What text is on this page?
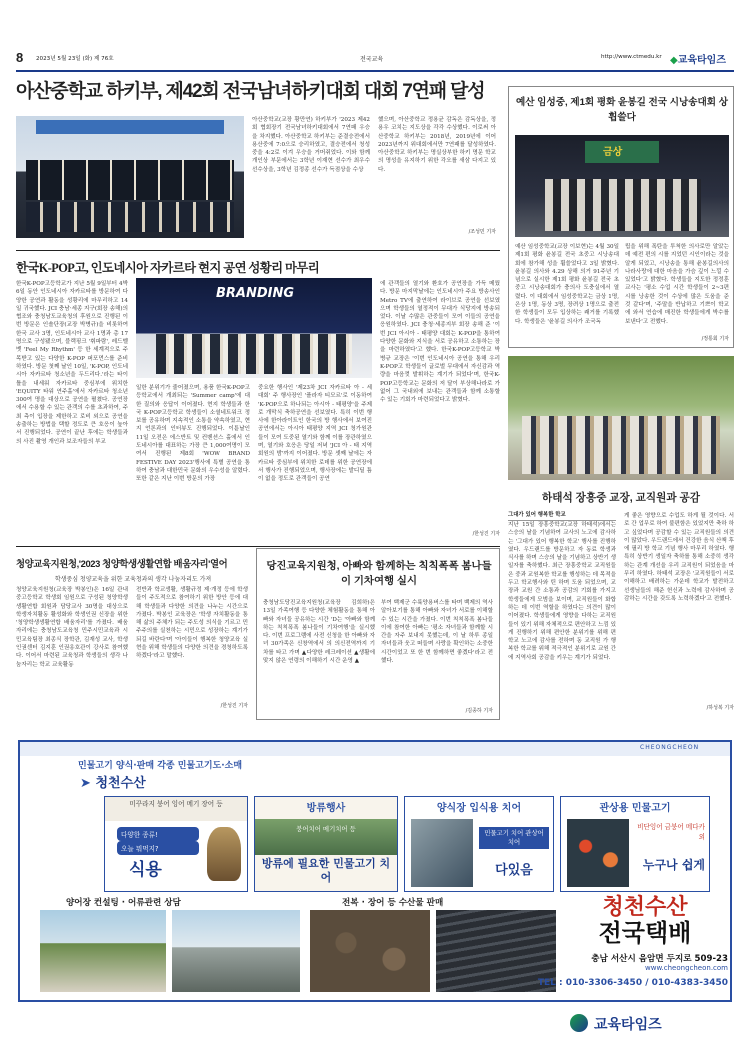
8 2023년 5월 23일 (화) 제 76호	전국교육	http://www.ctmedu.kr ◆교육타임즈
아산중학교 하키부, 제42회 전국남녀하키대회 대회 7연패 달성
아산중학교(교장 황만연) 하키부가 '2023 제42회 협회장기 전국남녀하키대회에서 7연패 우승을 차지했다. 아산중학교 하키부는 준결승전에서 용산중에 7:0으로 승리하였고, 결승전에서 청성중을 4:2로 이겨 우승을 거머쥐었다. 이와 함께 개인상 부문에서는 3학년 이재현 선수가 최우수 선수상을, 3학년 김정종 선수가 득점상을 수상
했으며, 아산중학교 정용균 감독은 감독상을, 정용우 코치는 지도상을 각각 수상했다. 이로써 아산중학교 하키부는 2018년, 2019년에 이어 2023년까지 위대회에서만 7연패를 달성하였다. 아산중학교 하키부는 명실상부한 하키 명문 학교의 명성을 유지하기 위한 각오를 새삼 다지고 있다.
/조성민 기자
예산 임성중, 제1회 평화 윤봉길 전국 시낭송대회 상 휩쓸다
금상
예산 임성중학교(교장 이보현)는 4월 30일 제1회 평화 윤봉길 전국 초중고 시낭송대회에 참가해 성을 휩쓸었다고 3일 밝혔다. 윤봉길 의사와 4.29 상해 의거 91주년 기념으로 실시한 제1회 평화 윤봉길 전국 초중고 시낭송대회가 충의사 도충실에서 열렸다. 이 대회에서 임성중학교는 금상 1명, 은상 1명, 동상 3명, 장려상 1명으로 출전한 학생들이 모두 입상하는 쾌거를 기록했다. 학생들은 '윤봉길 의사가 조국독
립을 위해 폭탄을 투척한 의사로만 알았는데 예전 편의 시를 지었던 시인이라는 것을 알게 되었고, 시낭송을 통해 윤봉길의사의 나라사랑에 대한 마음을 가슴 깊이 느낄 수 있었다'고 밝혔다. 학생들을 지도한 정정훈 교사는 '평소 수업 시간 학생들이 2~3편 시를 낭송한 것이 수상에 많은 도움을 준 것 같다'며, '주말을 반납하고 기쁘이 학교에 와서 연습에 매진한 학생들에게 박수를 보낸다'고 전했다.
/정통회 기자
한국K-POP고, 인도네시아 자카르타 현지 공연 성황리 마무리
한국K-POP고등학교가 지난 5월 9일부터 4박 6일 동안 인도네시아 자카르타를 방문하여 다양한 공연과 활동을 성황리에 마무리하고 14일 귀국했다. JCI 충남·세종 지구(회장 송해)의 협조와 충청남도교육청의 후원으로 진행된 이번 방문은 인솔단장(교장 박병규)을 비롯하여 한국 교사 3명, 인도네시아 교사 1명과 총 17명으로 구성됐으며, 블랙핑크 '휘파람', 레드벨벳 'Feel My Rhythm' 등 한 세계적으로 주목받고 있는 다양한 K-POP 퍼포먼스를 준비하였다. 방문 첫째 날인 10일, 'K-POP, 인도네시아 자카르타 청소년을 두드리다.'라는 타이틀을 내세워 자카르타 중심부에 위치한 'EQUITY 타워 연주홀'에서 자카르타 청소년 300여 명을 대상으로 공연을 펼쳤다. 공연장에서 수용할 수 있는 관객의 수를 초과하여, 주최 측이 입장을 제한하고 로비 외으로 공연을 송출하는 방법을 택할 정도로 큰 호응이 높아서 진행되었다. 공연이 끝난 후에는 학생들과의 사진 촬영 개인과 보조자들의 부교
BRANDING
일한 분위기가 줄어졌으며, 용품 한국K-POP고등학교에서 개최되는 'Summer camp'에 대한 질의와 응답이 이어졌다. 현지 학생들과 한국 K-POP고등학교 학생들이 소셜네트워크 정보를 공유하며 지속적인 소통을 약속하였고, 현지 언론과의 인터뷰도 진행되었다. 이튿날인 11일 오전은 에스반트 및 컨벤션스 홀에서 인도네시아를 대표하는 가장 큰 1,000여명이 모여서 진행된 제8회 'WOW BRAND FESTIVE DAY 2023'행사에 특별 공연을 통하여 충남과 대한민국 문화의 우수성을 알렸다. 또한 같은 지난 이번 방문의 가장
중요한 행사인 '제23차 JCI 자카르타 아 - 세 대회' 주 행사장인 '플라자 티모르'로 이동하여 'K-POP으로 하나되는 아시아 - 태평양'을 주제로 개막식 축하공연을 선보였다. 특히 이번 행사에 한아라이트인 한국의 방 행사에서 보여진 공연에서는 아시아 태평양 지역 JCI 청가원관들이 모여 도중된 열기와 함께 이를 장관하였으며, 열기와 호응은 당일 저녁 'JCI 아 - 태 지역 회원의 밤'까지 이어졌다. 방문 셋째 날에는 자카르타 중심부에 위치한 로데를 위한 공연장에서 행사가 진행되었으며, 행사장에는 발디딜 틈이 없을 정도로 관객들이 공연
에 관객들의 열기와 환호가 공연장을 가득 메웠다. 방문 마지막날에는 인도네시아 주요 방송사인 Metro TV에 출연하여 라이브로 공연을 선보였으며 학생들의 열정적이 무대가 식당지에 방송되었다. 이날 수많은 관중들이 모여 이들의 공연을 응원하였다. JCI 충청·세종지부 회장 송해 준 '이번 JCI 아시아 - 태평양 대회는 K-POP을 통하여 다양한 문화와 지식을 서로 공유하고 소통하는 장을 마련하였다'고 했다. 한국K-POP고등학교 박병규 교장은 '이번 인도네시아 공연을 통해 우리 K-POP고 학생들이 글로벌 무대에서 자신감과 역량을 마음껏 발휘하는 계기가 되었다'며, 한국K-POP고등학교는 문화의 저 달이 부상해나라로 가 없어 그 국내외에 보내는 관객들과 함께 소통할 수 있는 기회가 마련되었다고 밝혔다.
/한성진 기자
하태석 장흥중 교장, 교직원과 공감
그대가 있어 행복한 학교
지난 15일 장흥중학교(교장 하태석)에서는 스승의 날을 기념하여 교사의 노고에 감사하는 '그대가 있어 행복한 학교' 행사를 진행하였다. 우드랜드를 방문하고 자 동료 학생과 식사를 하며 스승의 날을 기념하고 상반기 생일자를 축하했다. 최근 장흥중학교 교직원들은 중과 교원복한 학교를 행성하는 데 목적을 두고 학교행사와 틴 하며 도움 되었으며, 교장과 교원 간 소통과 공감의 기회를 가지고 학생들에게 모범을 보이며, 교직원들이 화합하는 데 이번 역할을 하였다는 의견이 많이 이어졌다. 학생들에게 영향을 다하는 교직원들이 있기 위해 자체적으로 편안하고 느낌 있게 진행하기 위해 편안한 분위기를 위해 편 학교 노고에 감사를 전하며 동 교직원 가 행복한 학교를 위해 적극적인 분위기로 교원 간에 지역사회 공감을 키우는 계기가 되었다.
게 좋은 영향으로 수업도 하게 될 것이다. 서로 간 업무로 하여 불편함은 있었지만 축하 하고 싶었다며 공감할 수 있는 교직원들의 의견이 많았다. 우드랜드에서 건강한 음식 산책 후 에 필리 방 학교 기념 행사 마무리 하였다. 행 특히 상반기 생일자 축하를 통해 소중히 생각 하는 관계 개선을 우리 교직원이 되었음을 마무리 하였다. 하태석 교장은 '교직원들이 서로 이해하고 배려하는 가운데 학교가 발전하고 선생님들의 해준 헌신과 노력에 감사하며 공감하는 시간을 갖도록 노력하겠다'고 전했다.
/하성복 기자
청양교육지원청,'2023 청양학생생활연합 배움자리'열어
학생중심 청양교육을 위한 교육청과의 생각 나눔자리도 가져
청양교육지원청(교육장 박봉인)은 16일 관내 중고등학교 학생회 임원으로 구성된 청양학생생활연합 회원과 담당교사 30명을 대상으로 학생자치활동 활성화와 학생인권 신장을 위한 '청양학생생활연합 배움자리'를 가졌다. 배움자리에는 충청남도교육청 민주시민교육과 시민교육팀장 최종식 장학관, 김재성 교사, 학생인권센터 김지훈 인권옹호관이 강사로 참여했다. 이어서 마련된 교육청과 학생들의 생각 나눔자리는 학교 교육활동
전반과 학교생활, 생활규정 제·개정 등에 학생들이 주도적으로 참여하기 위한 방안 등에 대해 학생들과 다양한 의견을 나누는 시간으로 가졌다. 박봉인 교육장은 '학생 자치활동을 통해 삶의 주체가 되는 주도성 의식을 기르고 민주주의를 실천하는 시민으로 성장하는 계기가 되길 바란다'며 '아이들이 행복한 청양교육 실현을 위해 학생들의 다양한 의견을 경청하도록 하겠다'라고 말했다.
/한성진 기자
당진교육지원청, 아빠와 함께하는 칙칙폭폭 봄나들이 기차여행 실시
충청남도당진교육지원청(교육장 김희하)은 13일 가족여행 등 다양한 체험활동을 통해 아빠와 자녀들 공유하는 시간 'D는 '아빠와 함께하는 칙칙폭폭 봄나들이 기차여행'을 실시했다. 이번 프로그램에 사전 신청을 한 아빠와 자녀 30가족은 신창역에서 의 의신전역까지 기차를 타고 가며 ▲다양한 레크레이션 ▲생활에 맞지 않은 연령의 이해하기 시간 운영 ▲
부여 백제군 수륙양용버스를 타며 백제의 역사 알아보기를 통해 아빠와 자녀가 서로를 이해할 수 있는 시간을 가졌다. 이번 칙칙폭폭 봄나들이에 참여한 아빠는 '평소 자녀들과 함께할 시간을 자주 보내지 못했는데, 이 날 하루 종일 자녀들과 웃고 떠들며 사랑을 확인하는 소중한 시간이었고 또 한 번 함께하면 좋겠다'라고 전했다.
/김종하 기자
CHEONGCHEON
민물고기 양식·판매 각종 민물고기도·소매
➤ 청천수산
미꾸라지 붕어 잉어 메기 장어 등
다양한 종류!
오늘 뭐먹지?
식용
방류행사
붕어치어 메기치어 등
방류에 필요한 민물고기 치어
양식장 입식용 치어
민물고기 치어 관상어 치어
다있음
관상용 민물고기
비단잉어 금붕어 메다카 외
누구나 쉽게
양어장 컨설팅 · 어류관련 상담	전복 · 장어 등 수산물 판매	청천수산
전국택배
충남 서산시 음암면 두지로 509-23
www.cheongcheon.com
TEL : 010-3306-3450 / 010-4383-3450
교육타임즈
